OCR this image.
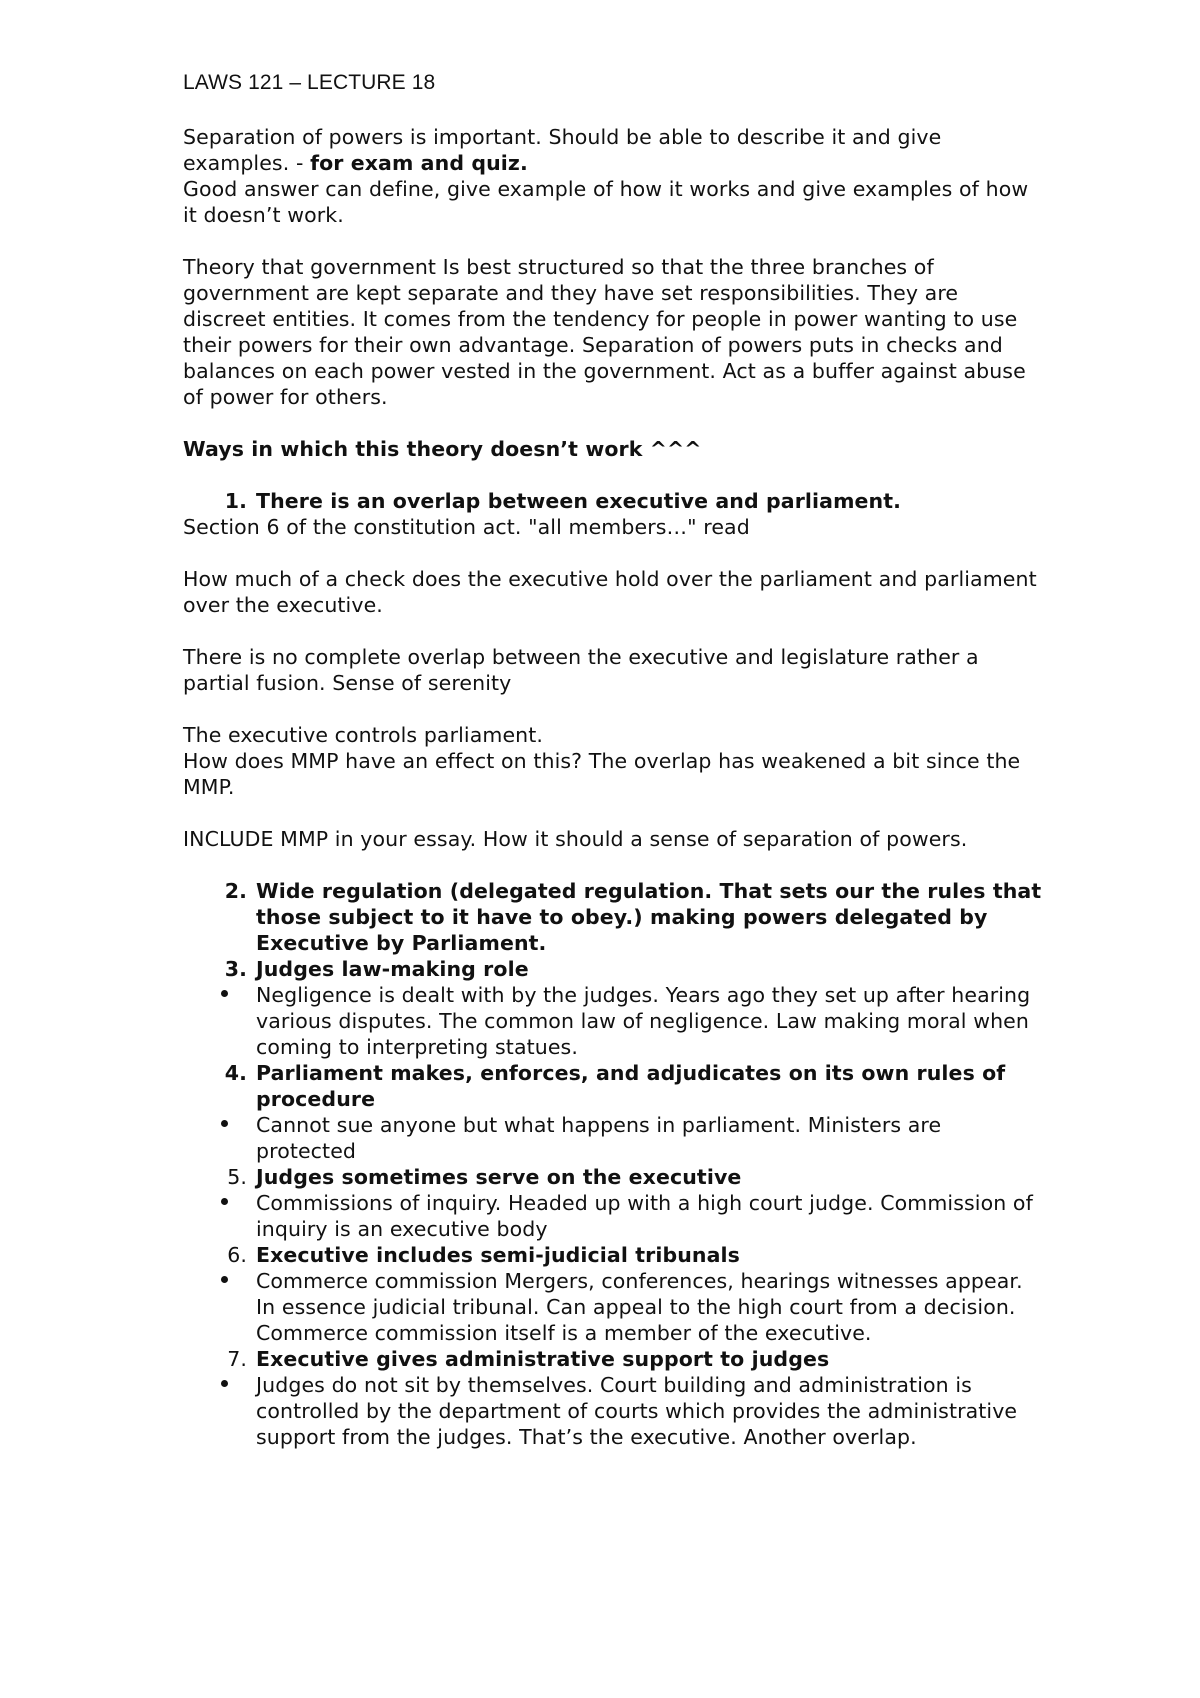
LAWS 121 – LECTURE 18

Separation of powers is important. Should be able to describe it and give examples. - for exam and quiz.

Good answer can define, give example of how it works and give examples of how it doesn’t work.

Theory that government Is best structured so that the three branches of government are kept separate and they have set responsibilities. They are discreet entities. It comes from the tendency for people in power wanting to use their powers for their own advantage. Separation of powers puts in checks and balances on each power vested in the government. Act as a buffer against abuse of power for others.

Ways in which this theory doesn’t work ^^^

1. There is an overlap between executive and parliament.

Section 6 of the constitution act. "all members…" read

How much of a check does the executive hold over the parliament and parliament over the executive.

There is no complete overlap between the executive and legislature rather a partial fusion. Sense of serenity

The executive controls parliament.

How does MMP have an effect on this? The overlap has weakened a bit since the MMP.

INCLUDE MMP in your essay. How it should a sense of separation of powers.

2. Wide regulation (delegated regulation. That sets our the rules that those subject to it have to obey.) making powers delegated by Executive by Parliament.
3. Judges law-making role
Negligence is dealt with by the judges. Years ago they set up after hearing various disputes. The common law of negligence. Law making moral when coming to interpreting statues.
4. Parliament makes, enforces, and adjudicates on its own rules of procedure
Cannot sue anyone but what happens in parliament. Ministers are protected
5. Judges sometimes serve on the executive
Commissions of inquiry. Headed up with a high court judge. Commission of inquiry is an executive body
6. Executive includes semi-judicial tribunals
Commerce commission Mergers, conferences, hearings witnesses appear. In essence judicial tribunal. Can appeal to the high court from a decision. Commerce commission itself is a member of the executive.
7. Executive gives administrative support to judges
Judges do not sit by themselves. Court building and administration is controlled by the department of courts which provides the administrative support from the judges. That’s the executive. Another overlap.
